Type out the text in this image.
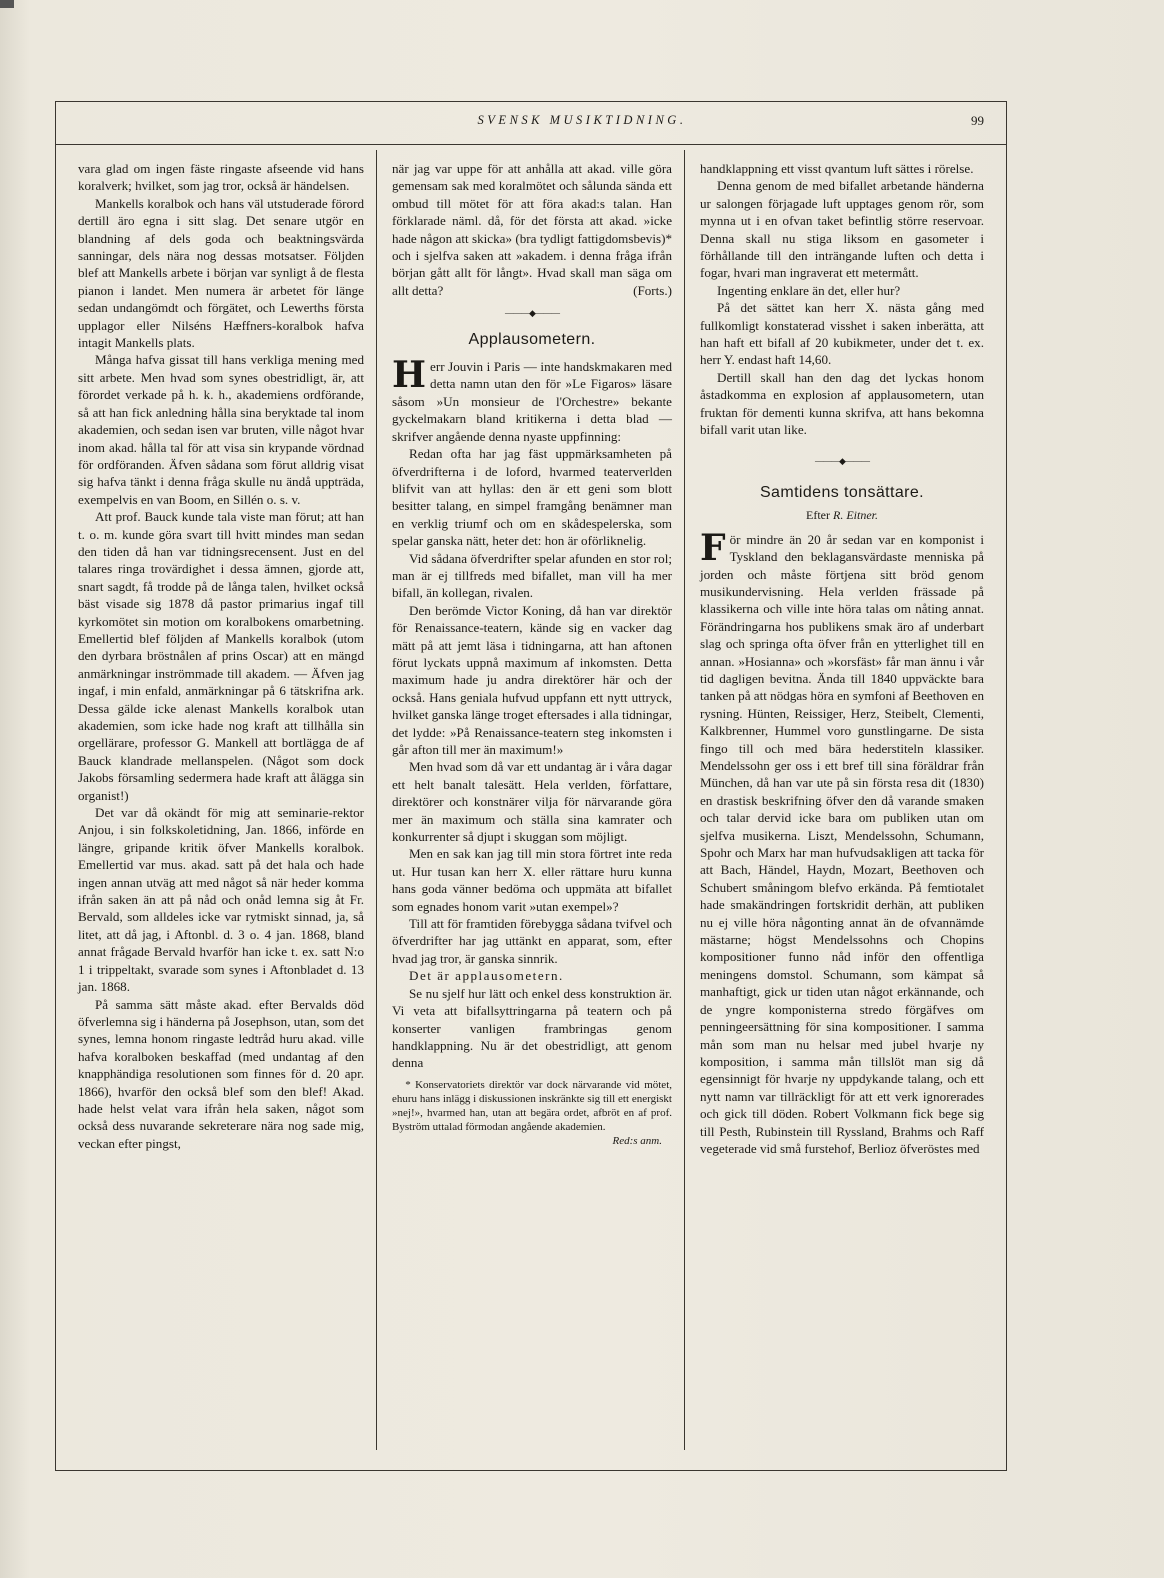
SVENSK MUSIKTIDNING.	99

vara glad om ingen fäste ringaste afseende vid hans koralverk; hvilket, som jag tror, också är händelsen.

Mankells koralbok och hans väl utstuderade förord dertill äro egna i sitt slag. Det senare utgör en blandning af dels goda och beaktningsvärda sanningar, dels nära nog dessas motsatser. Följden blef att Mankells arbete i början var synligt å de flesta pianon i landet. Men numera är arbetet för länge sedan undangömdt och förgätet, och Lewerths första upplagor eller Nilséns Hæffners-koralbok hafva intagit Mankells plats.

Många hafva gissat till hans verkliga mening med sitt arbete. Men hvad som synes obestridligt, är, att förordet verkade på h. k. h., akademiens ordförande, så att han fick anledning hålla sina beryktade tal inom akademien, och sedan isen var bruten, ville något hvar inom akad. hålla tal för att visa sin krypande vördnad för ordföranden. Äfven sådana som förut alldrig visat sig hafva tänkt i denna fråga skulle nu ändå uppträda, exempelvis en van Boom, en Sillén o. s. v.

Att prof. Bauck kunde tala viste man förut; att han t. o. m. kunde göra svart till hvitt mindes man sedan den tiden då han var tidningsrecensent. Just en del talares ringa trovärdighet i dessa ämnen, gjorde att, snart sagdt, få trodde på de långa talen, hvilket också bäst visade sig 1878 då pastor primarius ingaf till kyrkomötet sin motion om koralbokens omarbetning. Emellertid blef följden af Mankells koralbok (utom den dyrbara bröstnålen af prins Oscar) att en mängd anmärkningar inströmmade till akadem. — Äfven jag ingaf, i min enfald, anmärkningar på 6 tätskrifna ark. Dessa gälde icke alenast Mankells koralbok utan akademien, som icke hade nog kraft att tillhålla sin orgellärare, professor G. Mankell att bortlägga de af Bauck klandrade mellanspelen. (Något som dock Jakobs församling sedermera hade kraft att ålägga sin organist!)

Det var då okändt för mig att seminarie-rektor Anjou, i sin folkskoletidning, Jan. 1866, införde en längre, gripande kritik öfver Mankells koralbok. Emellertid var mus. akad. satt på det hala och hade ingen annan utväg att med något så när heder komma ifrån saken än att på nåd och onåd lemna sig åt Fr. Bervald, som alldeles icke var rytmiskt sinnad, ja, så litet, att då jag, i Aftonbl. d. 3 o. 4 jan. 1868, bland annat frågade Bervald hvarför han icke t. ex. satt N:o 1 i trippeltakt, svarade som synes i Aftonbladet d. 13 jan. 1868.

På samma sätt måste akad. efter Bervalds död öfverlemna sig i händerna på Josephson, utan, som det synes, lemna honom ringaste ledtråd huru akad. ville hafva koralboken beskaffad (med undantag af den knapphändiga resolutionen som finnes för d. 20 apr. 1866), hvarför den också blef som den blef! Akad. hade helst velat vara ifrån hela saken, något som också dess nuvarande sekreterare nära nog sade mig, veckan efter pingst,

när jag var uppe för att anhålla att akad. ville göra gemensam sak med koralmötet och sålunda sända ett ombud till mötet för att föra akad:s talan. Han förklarade näml. då, för det första att akad. »icke hade någon att skicka» (bra tydligt fattigdomsbevis)* och i sjelfva saken att »akadem. i denna fråga ifrån början gått allt för långt». Hvad skall man säga om allt detta?	(Forts.)

———◆———
Applausometern.

Herr Jouvin i Paris — inte handskmakaren med detta namn utan den för »Le Figaros» läsare såsom »Un monsieur de l'Orchestre» bekante gyckelmakarn bland kritikerna i detta blad — skrifver angående denna nyaste uppfinning:

Redan ofta har jag fäst uppmärksamheten på öfverdrifterna i de loford, hvarmed teaterverlden blifvit van att hyllas: den är ett geni som blott besitter talang, en simpel framgång benämner man en verklig triumf och om en skådespelerska, som spelar ganska nätt, heter det: hon är oförliknelig.

Vid sådana öfverdrifter spelar afunden en stor rol; man är ej tillfreds med bifallet, man vill ha mer bifall, än kollegan, rivalen.

Den berömde Victor Koning, då han var direktör för Renaissance-teatern, kände sig en vacker dag mätt på att jemt läsa i tidningarna, att han aftonen förut lyckats uppnå maximum af inkomsten. Detta maximum hade ju andra direktörer här och der också. Hans geniala hufvud uppfann ett nytt uttryck, hvilket ganska länge troget eftersades i alla tidningar, det lydde: »På Renaissance-teatern steg inkomsten i går afton till mer än maximum!»

Men hvad som då var ett undantag är i våra dagar ett helt banalt talesätt. Hela verlden, författare, direktörer och konstnärer vilja för närvarande göra mer än maximum och ställa sina kamrater och konkurrenter så djupt i skuggan som möjligt.

Men en sak kan jag till min stora förtret inte reda ut. Hur tusan kan herr X. eller rättare huru kunna hans goda vänner bedöma och uppmäta att bifallet som egnades honom varit »utan exempel»?

Till att för framtiden förebygga sådana tvifvel och öfverdrifter har jag uttänkt en apparat, som, efter hvad jag tror, är ganska sinnrik.

Det är applausometern.

Se nu sjelf hur lätt och enkel dess konstruktion är. Vi veta att bifallsyttringarna på teatern och på konserter vanligen frambringas genom handklappning. Nu är det obestridligt, att genom denna

* Konservatoriets direktör var dock närvarande vid mötet, ehuru hans inlägg i diskussionen inskränkte sig till ett energiskt »nej!», hvarmed han, utan att begära ordet, afbröt en af prof. Byström uttalad förmodan angående akademien.

Red:s anm.

handklappning ett visst qvantum luft sättes i rörelse.

Denna genom de med bifallet arbetande händerna ur salongen förjagade luft upptages genom rör, som mynna ut i en ofvan taket befintlig större reservoar. Denna skall nu stiga liksom en gasometer i förhållande till den inträngande luften och detta i fogar, hvari man ingraverat ett metermått.

Ingenting enklare än det, eller hur?

På det sättet kan herr X. nästa gång med fullkomligt konstaterad visshet i saken inberätta, att han haft ett bifall af 20 kubikmeter, under det t. ex. herr Y. endast haft 14,60.

Dertill skall han den dag det lyckas honom åstadkomma en explosion af applausometern, utan fruktan för dementi kunna skrifva, att hans bekomna bifall varit utan like.

———◆———
Samtidens tonsättare.
Efter R. Eitner.

För mindre än 20 år sedan var en komponist i Tyskland den beklagansvärdaste menniska på jorden och måste förtjena sitt bröd genom musikundervisning. Hela verlden frässade på klassikerna och ville inte höra talas om nåting annat. Förändringarna hos publikens smak äro af underbart slag och springa ofta öfver från en ytterlighet till en annan. »Hosianna» och »korsfäst» får man ännu i vår tid dagligen bevitna. Ända till 1840 uppväckte bara tanken på att nödgas höra en symfoni af Beethoven en rysning. Hünten, Reissiger, Herz, Steibelt, Clementi, Kalkbrenner, Hummel voro gunstlingarne. De sista fingo till och med bära hederstiteln klassiker. Mendelssohn ger oss i ett bref till sina föräldrar från München, då han var ute på sin första resa dit (1830) en drastisk beskrifning öfver den då varande smaken och talar dervid icke bara om publiken utan om sjelfva musikerna. Liszt, Mendelssohn, Schumann, Spohr och Marx har man hufvudsakligen att tacka för att Bach, Händel, Haydn, Mozart, Beethoven och Schubert småningom blefvo erkända. På femtiotalet hade smakändringen fortskridit derhän, att publiken nu ej ville höra någonting annat än de ofvannämde mästarne; högst Mendelssohns och Chopins kompositioner funno nåd inför den offentliga meningens domstol. Schumann, som kämpat så manhaftigt, gick ur tiden utan något erkännande, och de yngre komponisterna stredo förgäfves om penningeersättning för sina kompositioner. I samma mån som man nu helsar med jubel hvarje ny komposition, i samma mån tillslöt man sig då egensinnigt för hvarje ny uppdykande talang, och ett nytt namn var tillräckligt för att ett verk ignorerades och gick till döden. Robert Volkmann fick bege sig till Pesth, Rubinstein till Ryssland, Brahms och Raff vegeterade vid små furstehof, Berlioz öfveröstes med
